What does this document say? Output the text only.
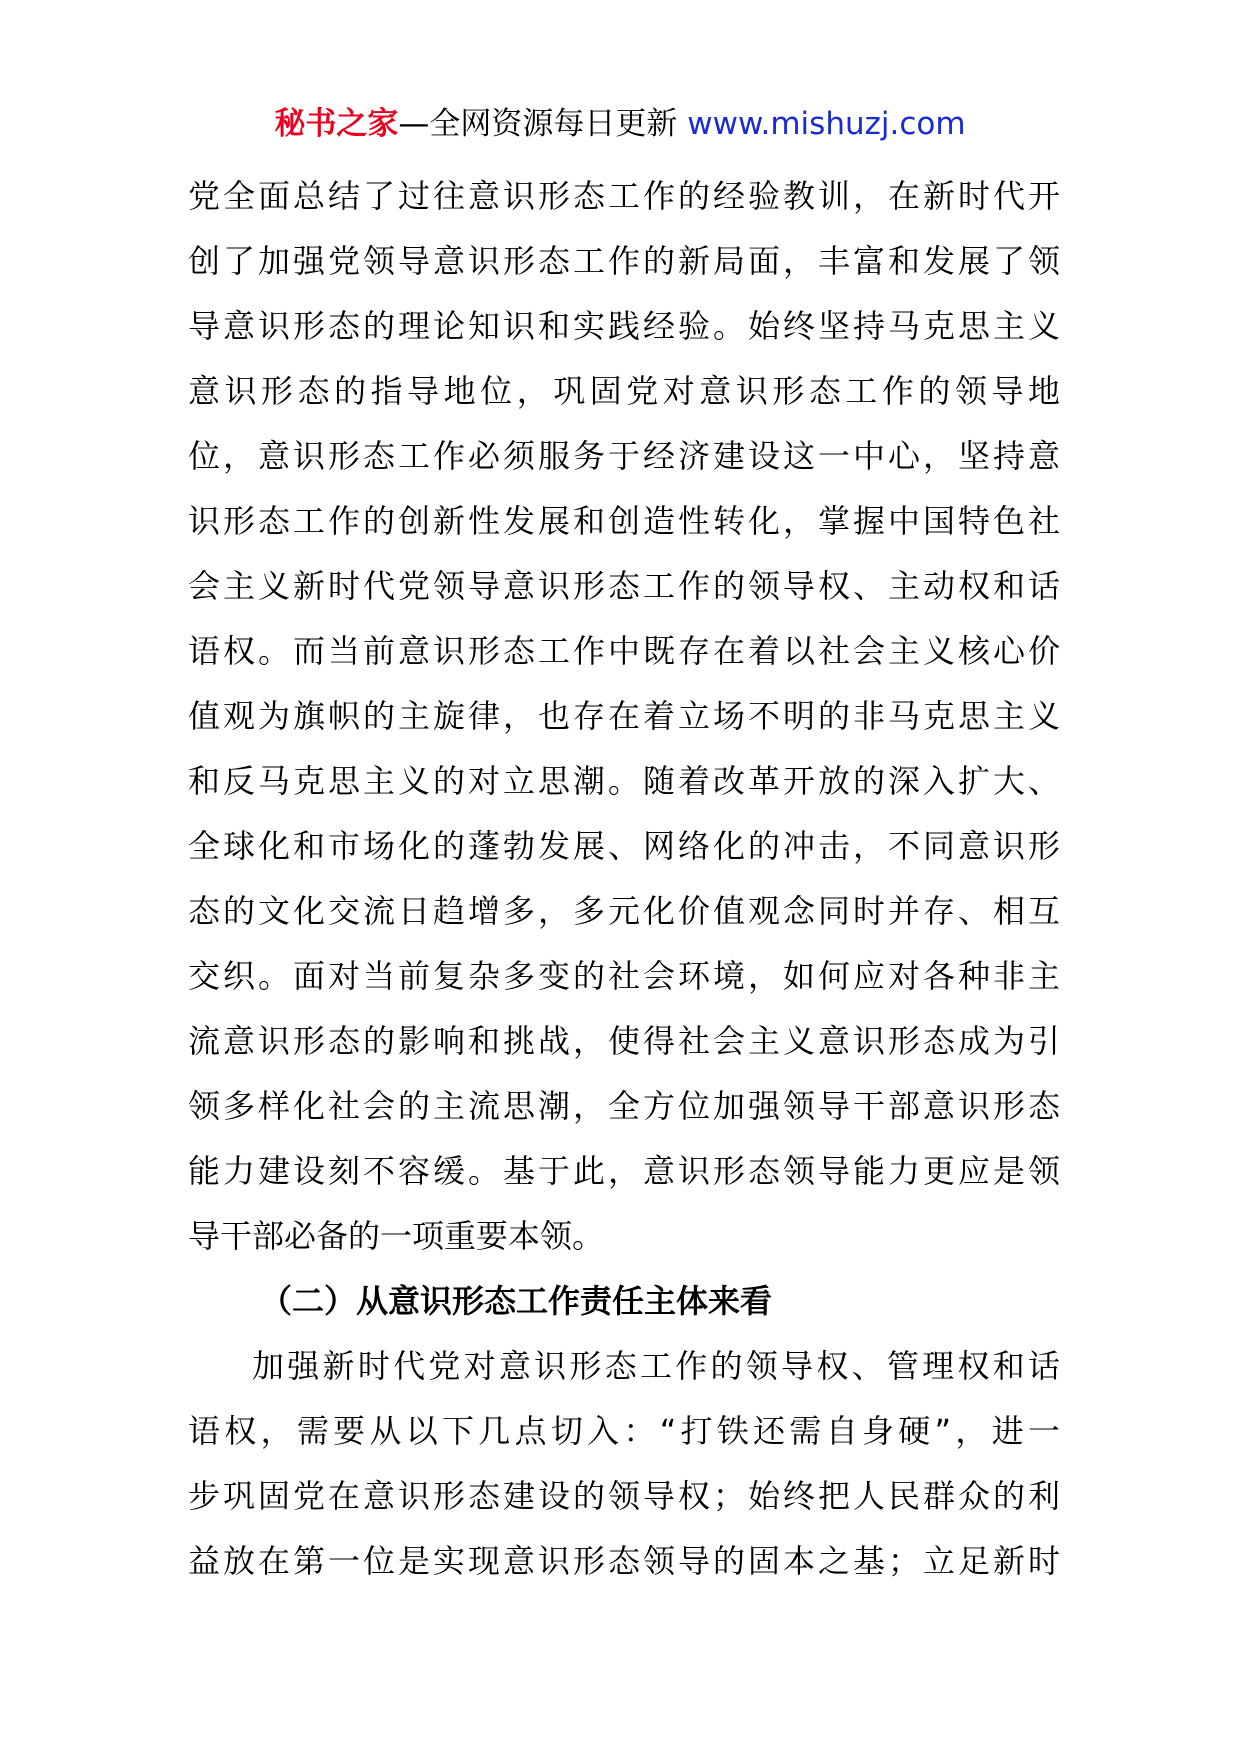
秘书之家—全网资源每日更新 www.mishuzj.com
党全面总结了过往意识形态工作的经验教训，在新时代开
创了加强党领导意识形态工作的新局面，丰富和发展了领
导意识形态的理论知识和实践经验。始终坚持马克思主义
意识形态的指导地位，巩固党对意识形态工作的领导地
位，意识形态工作必须服务于经济建设这一中心，坚持意
识形态工作的创新性发展和创造性转化，掌握中国特色社
会主义新时代党领导意识形态工作的领导权、主动权和话
语权。而当前意识形态工作中既存在着以社会主义核心价
值观为旗帜的主旋律，也存在着立场不明的非马克思主义
和反马克思主义的对立思潮。随着改革开放的深入扩大、
全球化和市场化的蓬勃发展、网络化的冲击，不同意识形
态的文化交流日趋增多，多元化价值观念同时并存、相互
交织。面对当前复杂多变的社会环境，如何应对各种非主
流意识形态的影响和挑战，使得社会主义意识形态成为引
领多样化社会的主流思潮，全方位加强领导干部意识形态
能力建设刻不容缓。基于此，意识形态领导能力更应是领
导干部必备的一项重要本领。
（二）从意识形态工作责任主体来看
加强新时代党对意识形态工作的领导权、管理权和话
语权，需要从以下几点切入：“打铁还需自身硬”，进一
步巩固党在意识形态建设的领导权；始终把人民群众的利
益放在第一位是实现意识形态领导的固本之基；立足新时
